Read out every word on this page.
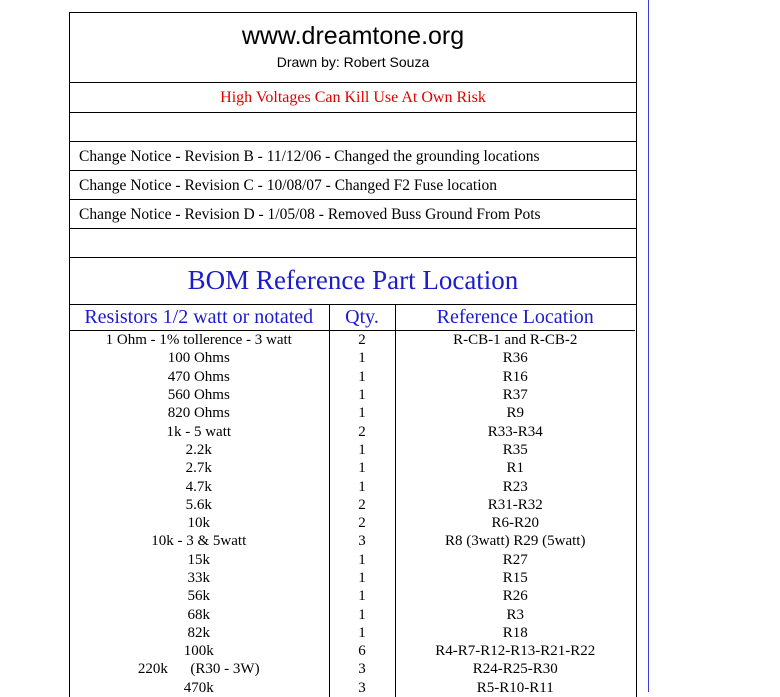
www.dreamtone.org
Drawn by: Robert Souza
High Voltages Can Kill Use At Own Risk
Change Notice - Revision B - 11/12/06 - Changed the grounding locations
Change Notice - Revision C - 10/08/07 - Changed F2 Fuse location
Change Notice - Revision D - 1/05/08 - Removed Buss Ground From Pots
BOM Reference Part Location
Resistors 1/2 watt or notated	Qty.	Reference Location
1 Ohm - 1% tollerence - 3 watt	2	R-CB-1 and R-CB-2
100 Ohms	1	R36
470 Ohms	1	R16
560 Ohms	1	R37
820 Ohms	1	R9
1k - 5 watt	2	R33-R34
2.2k	1	R35
2.7k	1	R1
4.7k	1	R23
5.6k	2	R31-R32
10k	2	R6-R20
10k - 3 & 5watt	3	R8 (3watt) R29 (5watt)
15k	1	R27
33k	1	R15
56k	1	R26
68k	1	R3
82k	1	R18
100k	6	R4-R7-R12-R13-R21-R22
220k      (R30 - 3W)	3	R24-R25-R30
470k	3	R5-R10-R11
